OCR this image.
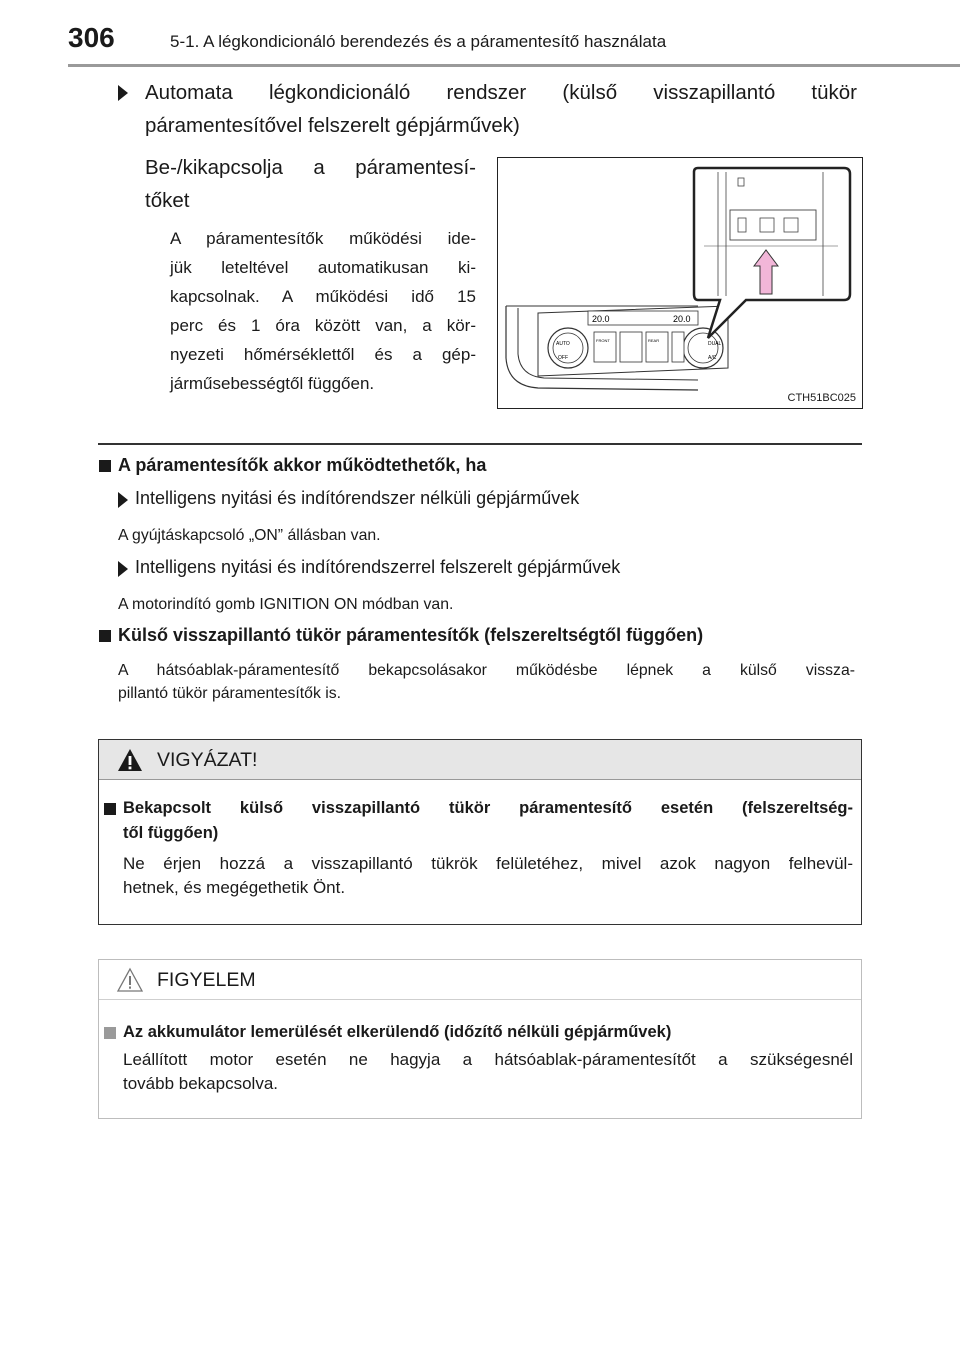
306	5-1. A légkondicionáló berendezés és a páramentesítő használata
Automata légkondicionáló rendszer (külső visszapillantó tükör
páramentesítővel felszerelt gépjárművek)
Be-/kikapcsolja a páramentesí-
tőket
A páramentesítők működési ide-
jük leteltével automatikusan ki-
kapcsolnak. A működési idő 15
perc és 1 óra között van, a kör-
nyezeti hőmérséklettől és a gép-
járműsebességtől függően.
20.0	20.0
AUTO
OFF
DUAL
A/C
FRONT	REAR
CTH51BC025
A páramentesítők akkor működtethetők, ha
Intelligens nyitási és indítórendszer nélküli gépjárművek
A gyújtáskapcsoló „ON” állásban van.
Intelligens nyitási és indítórendszerrel felszerelt gépjárművek
A motorindító gomb IGNITION ON módban van.
Külső visszapillantó tükör páramentesítők (felszereltségtől függően)
A hátsóablak-páramentesítő bekapcsolásakor működésbe lépnek a külső vissza-
pillantó tükör páramentesítők is.
VIGYÁZAT!
Bekapcsolt külső visszapillantó tükör páramentesítő esetén (felszereltség-
től függően)
Ne érjen hozzá a visszapillantó tükrök felületéhez, mivel azok nagyon felhevül-
hetnek, és megégethetik Önt.
FIGYELEM
Az akkumulátor lemerülését elkerülendő (időzítő nélküli gépjárművek)
Leállított motor esetén ne hagyja a hátsóablak-páramentesítőt a szükségesnél
tovább bekapcsolva.
